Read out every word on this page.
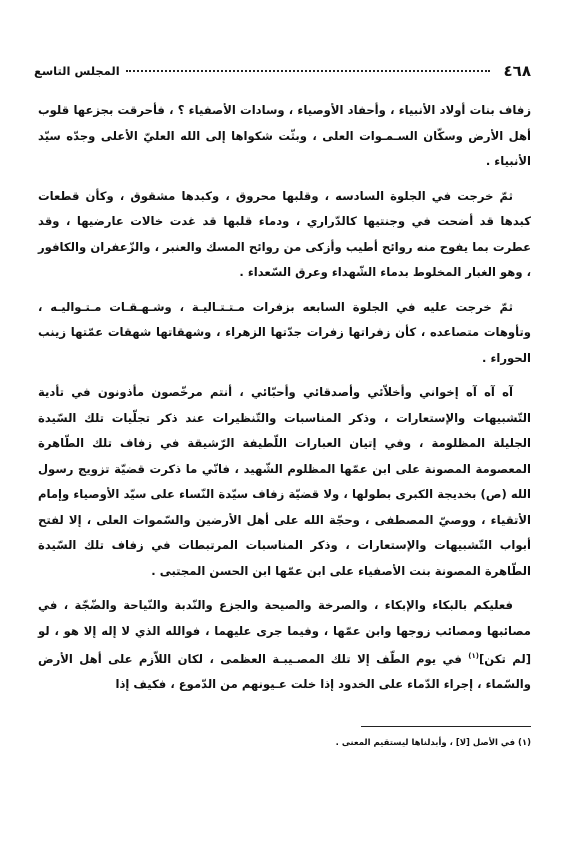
٤٦٨
المجلس التاسع

زفاف بنات أولاد الأنبياء ، وأحفاد الأوصياء ، وسادات الأصفياء ؟ ، فأحرقت بجزعها قلوب أهل الأرض وسكّان السـمـوات العلى ، وبثّت شكواها إلى الله العليّ الأعلى وجدّه سيّد الأنبياء .

ثمّ خرجت في الجلوة السادسه ، وقلبها محروق ، وكبدها مشقوق ، وكأن قطعات كبدها قد أضحت في وجنتيها كالدّراري ، ودماء قلبها قد غدت خالات عارضيها ، وقد عطرت بما يفوح منه روائح أطيب وأزكى من روائح المسك والعنبر ، والزّعفران والكافور ، وهو الغبار المخلوط بدماء الشّهداء وعرق السّعداء .

ثمّ خرجت عليه في الجلوة السابعه بزفرات مـتـتـاليـة ، وشـهـقـات مـتـواليـه ، وتأوهات متصاعده ، كأن زفراتها زفرات جدّتها الزهراء ، وشهقاتها شهقات عمّتها زينب الحوراء .

آه آه آه إخواني وأخلاّئي وأصدقائي وأحبّائي ، أنتم مرخّصون مأذونون في تأدية التّشبيهات والإستعارات ، وذكر المناسبات والتّنظيرات عند ذكر تجلّيات تلك السّيدة الجليلة المظلومة ، وفي إتيان العبارات اللّطيفة الرّشيقة في زفاف تلك الطّاهرة المعصومة المصونة على ابن عمّها المظلوم الشّهيد ، فانّي ما ذكرت قضيّة تزويج رسول الله (ص) بخديجة الكبرى بطولها ، ولا قضيّة زفاف سيّدة النّساء على سيّد الأوصياء وإمام الأتقياء ، ووصيّ المصطفى ، وحجّة الله على أهل الأرضين والسّموات العلى ، إلا لفتح أبواب التّشبيهات والإستعارات ، وذكر المناسبات المرتبطات في زفاف تلك السّيدة الطّاهرة المصونة بنت الأصفياء على ابن عمّها ابن الحسن المجتبى .

فعليكم بالبكاء والإبكاء ، والصرخة والصيحة والجزع والنّدبة والنّياحة والضّجّة ، في مصائبها ومصائب زوجها وابن عمّها ، وفيما جرى عليهما ، فوالله الذي لا إله إلا هو ، لو [لم تكن]$^{(١)}$ في يوم الطّف إلا تلك المصـيبـة العظمى ، لكان اللاّزم على أهل الأرض والسّماء ، إجراء الدّماء على الخدود إذا خلت عـيونهم من الدّموع ، فكيف إذا

(١) في الأصل [لا] ، وأبدلناها ليستقيم المعنى .
